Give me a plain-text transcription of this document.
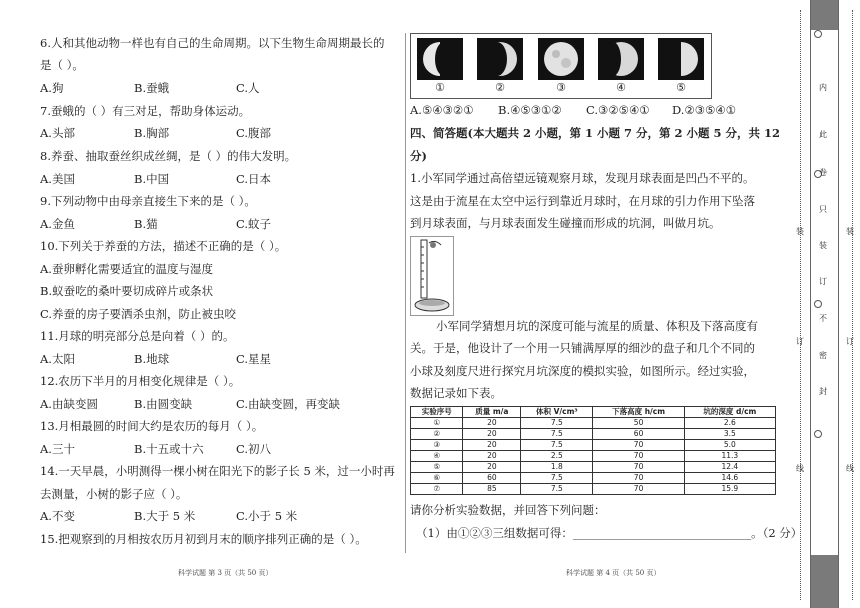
6.人和其他动物一样也有自己的生命周期。以下生物生命周期最长的
是（ ）。
A.狗	B.蚕蛾	C.人
7.蚕蛾的（ ）有三对足，帮助身体运动。
A.头部	B.胸部	C.腹部
8.养蚕、抽取蚕丝织成丝绸，是（ ）的伟大发明。
A.美国	B.中国	C.日本
9.下列动物中由母亲直接生下来的是（ ）。
A.金鱼	B.猫	C.蚊子
10.下列关于养蚕的方法，描述不正确的是（ ）。
A.蚕卵孵化需要适宜的温度与湿度
B.蚁蚕吃的桑叶要切成碎片或条状
C.养蚕的房子要洒杀虫剂，防止被虫咬
11.月球的明亮部分总是向着（ ）的。
A.太阳	B.地球	C.星星
12.农历下半月的月相变化规律是（ ）。
A.由缺变圆	B.由圆变缺	C.由缺变圆，再变缺
13.月相最圆的时间大约是农历的每月（ ）。
A.三十	B.十五或十六	C.初八
14.一天早晨，小明测得一棵小树在阳光下的影子长 5 米，过一小时再
去测量，小树的影子应（ ）。
A.不变	B.大于 5 米	C.小于 5 米
15.把观察到的月相按农历月初到月末的顺序排列正确的是（ ）。
科学试题 第 3 页（共 50 页）
①	②	③	④	⑤
A.⑤④③②① B.④⑤③①② C.③②⑤④① D.②③⑤④①
四、简答题(本大题共 2 小题，第 1 小题 7 分，第 2 小题 5 分，共 12
分)
1.小军同学通过高倍望远镜观察月球，发现月球表面是凹凸不平的。
这是由于流星在太空中运行到靠近月球时，在月球的引力作用下坠落
到月球表面，与月球表面发生碰撞而形成的坑洞，叫做月坑。
小军同学猜想月坑的深度可能与流星的质量、体积及下落高度有
关。于是，他设计了一个用一只铺满厚厚的细沙的盘子和几个不同的
小球及刻度尺进行探究月坑深度的模拟实验，如图所示。经过实验，
数据记录如下表。
实验序号	质量 m/a	体积 V/cm³	下落高度 h/cm	坑的深度 d/cm
①	20	7.5	50	2.6
②	20	7.5	60	3.5
③	20	7.5	70	5.0
④	20	2.5	70	11.3
⑤	20	1.8	70	12.4
⑥	60	7.5	70	14.6
⑦	85	7.5	70	15.9
请你分析实验数据，并回答下列问题：
（1）由①②③三组数据可得：_______________________________。（2 分）
科学试题 第 4 页（共 50 页）
内
此
卷
只
装
订
不
密
封
装
订
线
装
订
线
